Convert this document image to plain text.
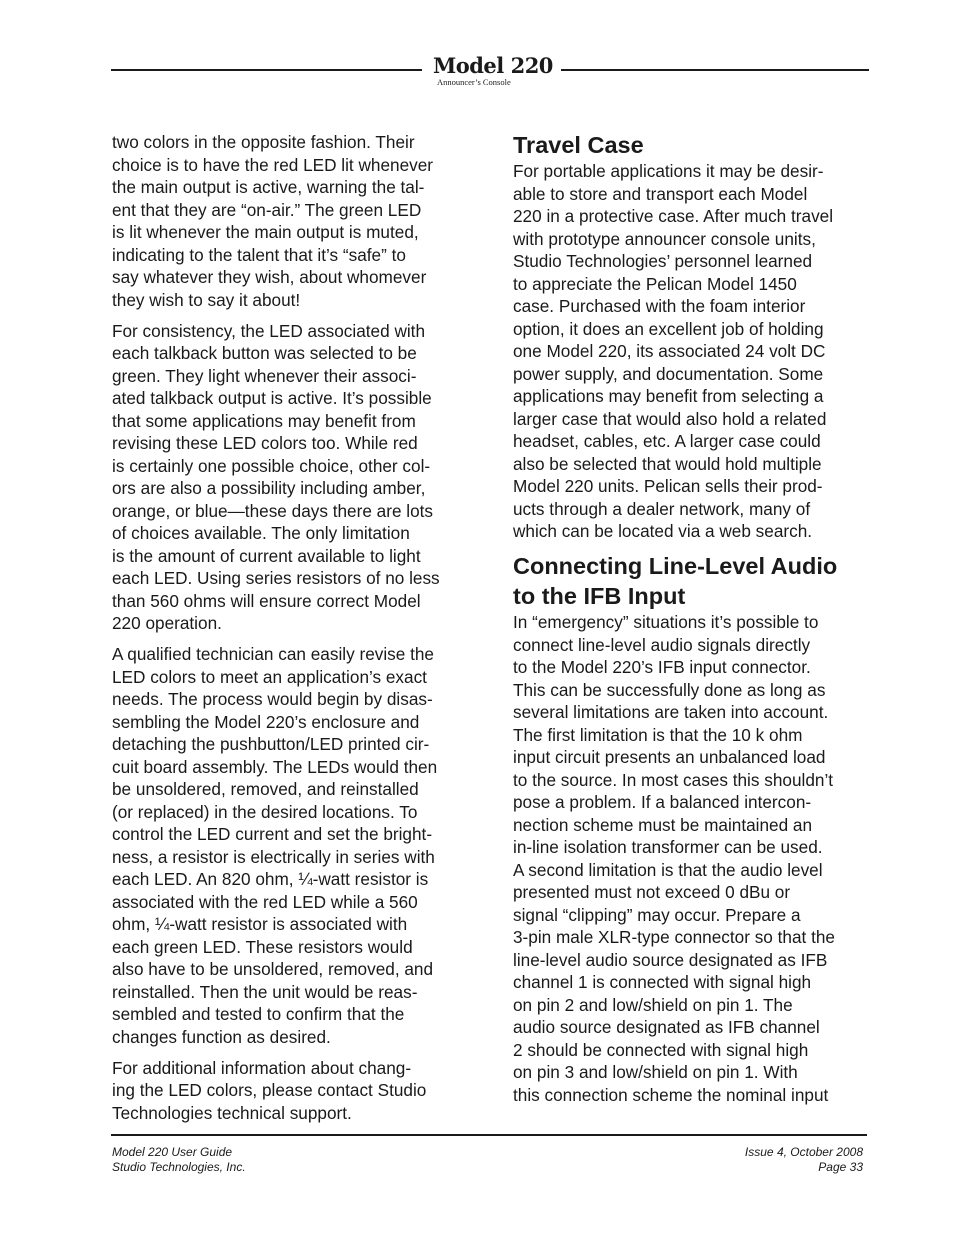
Model 220
Announcer’s Console

two colors in the opposite fashion. Their
choice is to have the red LED lit whenever
the main output is active, warning the tal-
ent that they are “on-air.” The green LED
is lit whenever the main output is muted,
indicating to the talent that it’s “safe” to
say whatever they wish, about whomever
they wish to say it about!

For consistency, the LED associated with
each talkback button was selected to be
green. They light whenever their associ-
ated talkback output is active. It’s possible
that some applications may benefit from
revising these LED colors too. While red
is certainly one possible choice, other col-
ors are also a possibility including amber,
orange, or blue—these days there are lots
of choices available. The only limitation
is the amount of current available to light
each LED. Using series resistors of no less
than 560 ohms will ensure correct Model
220 operation.

A qualified technician can easily revise the
LED colors to meet an application’s exact
needs. The process would begin by disas-
sembling the Model 220’s enclosure and
detaching the pushbutton/LED printed cir-
cuit board assembly. The LEDs would then
be unsoldered, removed, and reinstalled
(or replaced) in the desired locations. To
control the LED current and set the bright-
ness, a resistor is electrically in series with
each LED. An 820 ohm, ¼-watt resistor is
associated with the red LED while a 560
ohm, ¼-watt resistor is associated with
each green LED. These resistors would
also have to be unsoldered, removed, and
reinstalled. Then the unit would be reas-
sembled and tested to confirm that the
changes function as desired.

For additional information about chang-
ing the LED colors, please contact Studio
Technologies technical support.

Travel Case

For portable applications it may be desir-
able to store and transport each Model
220 in a protective case. After much travel
with prototype announcer console units,
Studio Technologies’ personnel learned
to appreciate the Pelican Model 1450
case. Purchased with the foam interior
option, it does an excellent job of holding
one Model 220, its associated 24 volt DC
power supply, and documentation. Some
applications may benefit from selecting a
larger case that would also hold a related
headset, cables, etc. A larger case could
also be selected that would hold multiple
Model 220 units. Pelican sells their prod-
ucts through a dealer network, many of
which can be located via a web search.

Connecting Line-Level Audio
to the IFB Input

In “emergency” situations it’s possible to
connect line-level audio signals directly
to the Model 220’s IFB input connector.
This can be successfully done as long as
several limitations are taken into account.
The first limitation is that the 10 k ohm
input circuit presents an unbalanced load
to the source. In most cases this shouldn’t
pose a problem. If a balanced intercon-
nection scheme must be maintained an
in-line isolation transformer can be used.
A second limitation is that the audio level
presented must not exceed 0 dBu or
signal “clipping” may occur. Prepare a
3-pin male XLR-type connector so that the
line-level audio source designated as IFB
channel 1 is connected with signal high
on pin 2 and low/shield on pin 1. The
audio source designated as IFB channel
2 should be connected with signal high
on pin 3 and low/shield on pin 1. With
this connection scheme the nominal input

Model 220 User Guide
Studio Technologies, Inc.
Issue 4, October 2008
Page 33
